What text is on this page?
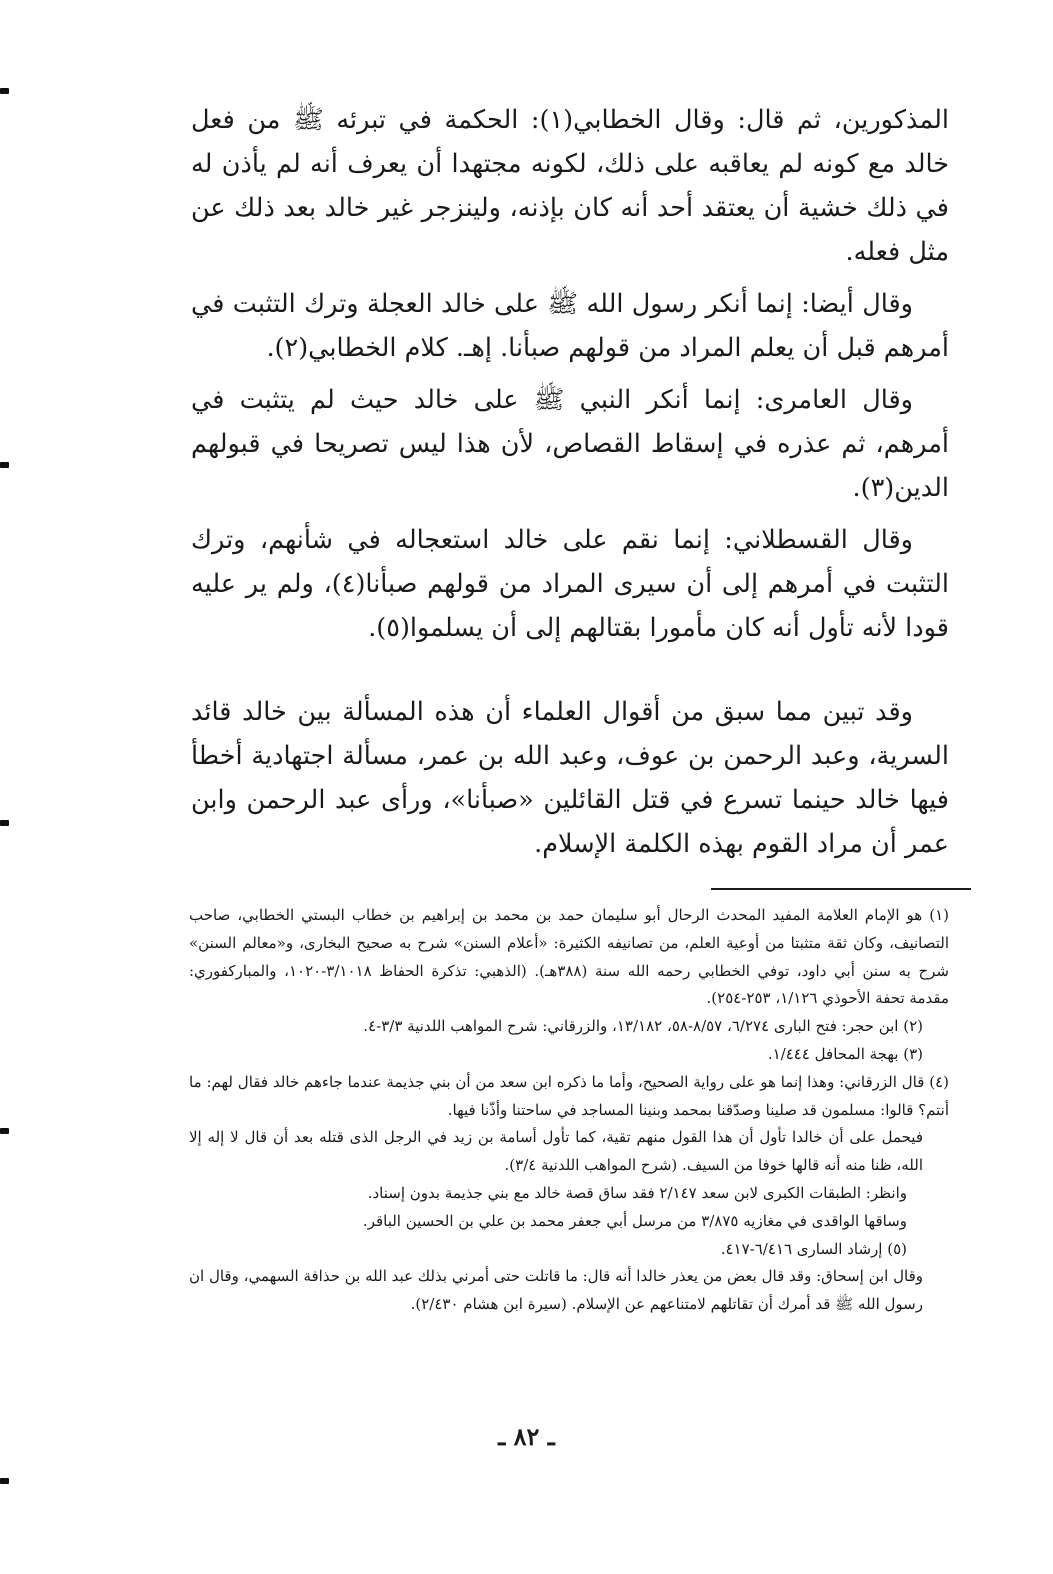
المذكورين، ثم قال: وقال الخطابي(١): الحكمة في تبرئه ﷺ من فعل خالد مع كونه لم يعاقبه على ذلك، لكونه مجتهدا أن يعرف أنه لم يأذن له في ذلك خشية أن يعتقد أحد أنه كان بإذنه، ولينزجر غير خالد بعد ذلك عن مثل فعله.

وقال أيضا: إنما أنكر رسول الله ﷺ على خالد العجلة وترك التثبت في أمرهم قبل أن يعلم المراد من قولهم صبأنا. إهـ. كلام الخطابي(٢).

وقال العامرى: إنما أنكر النبي ﷺ على خالد حيث لم يتثبت في أمرهم، ثم عذره في إسقاط القصاص، لأن هذا ليس تصريحا في قبولهم الدين(٣).

وقال القسطلاني: إنما نقم على خالد استعجاله في شأنهم، وترك التثبت في أمرهم إلى أن سيرى المراد من قولهم صبأنا(٤)، ولم ير عليه قودا لأنه تأول أنه كان مأمورا بقتالهم إلى أن يسلموا(٥).

وقد تبين مما سبق من أقوال العلماء أن هذه المسألة بين خالد قائد السرية، وعبد الرحمن بن عوف، وعبد الله بن عمر، مسألة اجتهادية أخطأ فيها خالد حينما تسرع في قتل القائلين «صبأنا»، ورأى عبد الرحمن وابن عمر أن مراد القوم بهذه الكلمة الإسلام.

(١) هو الإمام العلامة المفيد المحدث الرحال أبو سليمان حمد بن محمد بن إبراهيم بن خطاب البستي الخطابي، صاحب التصانيف، وكان ثقة متثبتا من أوعية العلم، من تصانيفه الكثيرة: «أعلام السنن» شرح به صحيح البخارى، و«معالم السنن» شرح به سنن أبي داود، توفي الخطابي رحمه الله سنة (٣٨٨هـ). (الذهبي: تذكرة الحفاظ ٣/١٠١٨-١٠٢٠، والمباركفوري: مقدمة تحفة الأحوذي ١/١٢٦، ٢٥٣-٢٥٤).

(٢) ابن حجر: فتح البارى ٦/٢٧٤، ٨/٥٧-٥٨، ١٣/١٨٢، والزرقاني: شرح المواهب اللدنية ٣/٣-٤.

(٣) بهجة المحافل ١/٤٤٤.

(٤) قال الزرقاني: وهذا إنما هو على رواية الصحيح، وأما ما ذكره ابن سعد من أن بني جذيمة عندما جاءهم خالد فقال لهم: ما أنتم؟ قالوا: مسلمون قد صلينا وصدّقنا بمحمد وبنينا المساجد في ساحتنا وأذّنا فيها.

فيحمل على أن خالدا تأول أن هذا القول منهم تقية، كما تأول أسامة بن زيد في الرجل الذى قتله بعد أن قال لا إله إلا الله، ظنا منه أنه قالها خوفا من السيف. (شرح المواهب اللدنية ٣/٤).

وانظر: الطبقات الكبرى لابن سعد ٢/١٤٧ فقد ساق قصة خالد مع بني جذيمة بدون إسناد.

وساقها الواقدى في مغازيه ٣/٨٧٥ من مرسل أبي جعفر محمد بن علي بن الحسين الباقر.

(٥) إرشاد السارى ٦/٤١٦-٤١٧.

وقال ابن إسحاق: وقد قال بعض من يعذر خالدا أنه قال: ما قاتلت حتى أمرني بذلك عبد الله بن حذافة السهمي، وقال ان رسول الله ﷺ قد أمرك أن تقاتلهم لامتناعهم عن الإسلام. (سيرة ابن هشام ٢/٤٣٠).

ـ ٨٢ ـ
